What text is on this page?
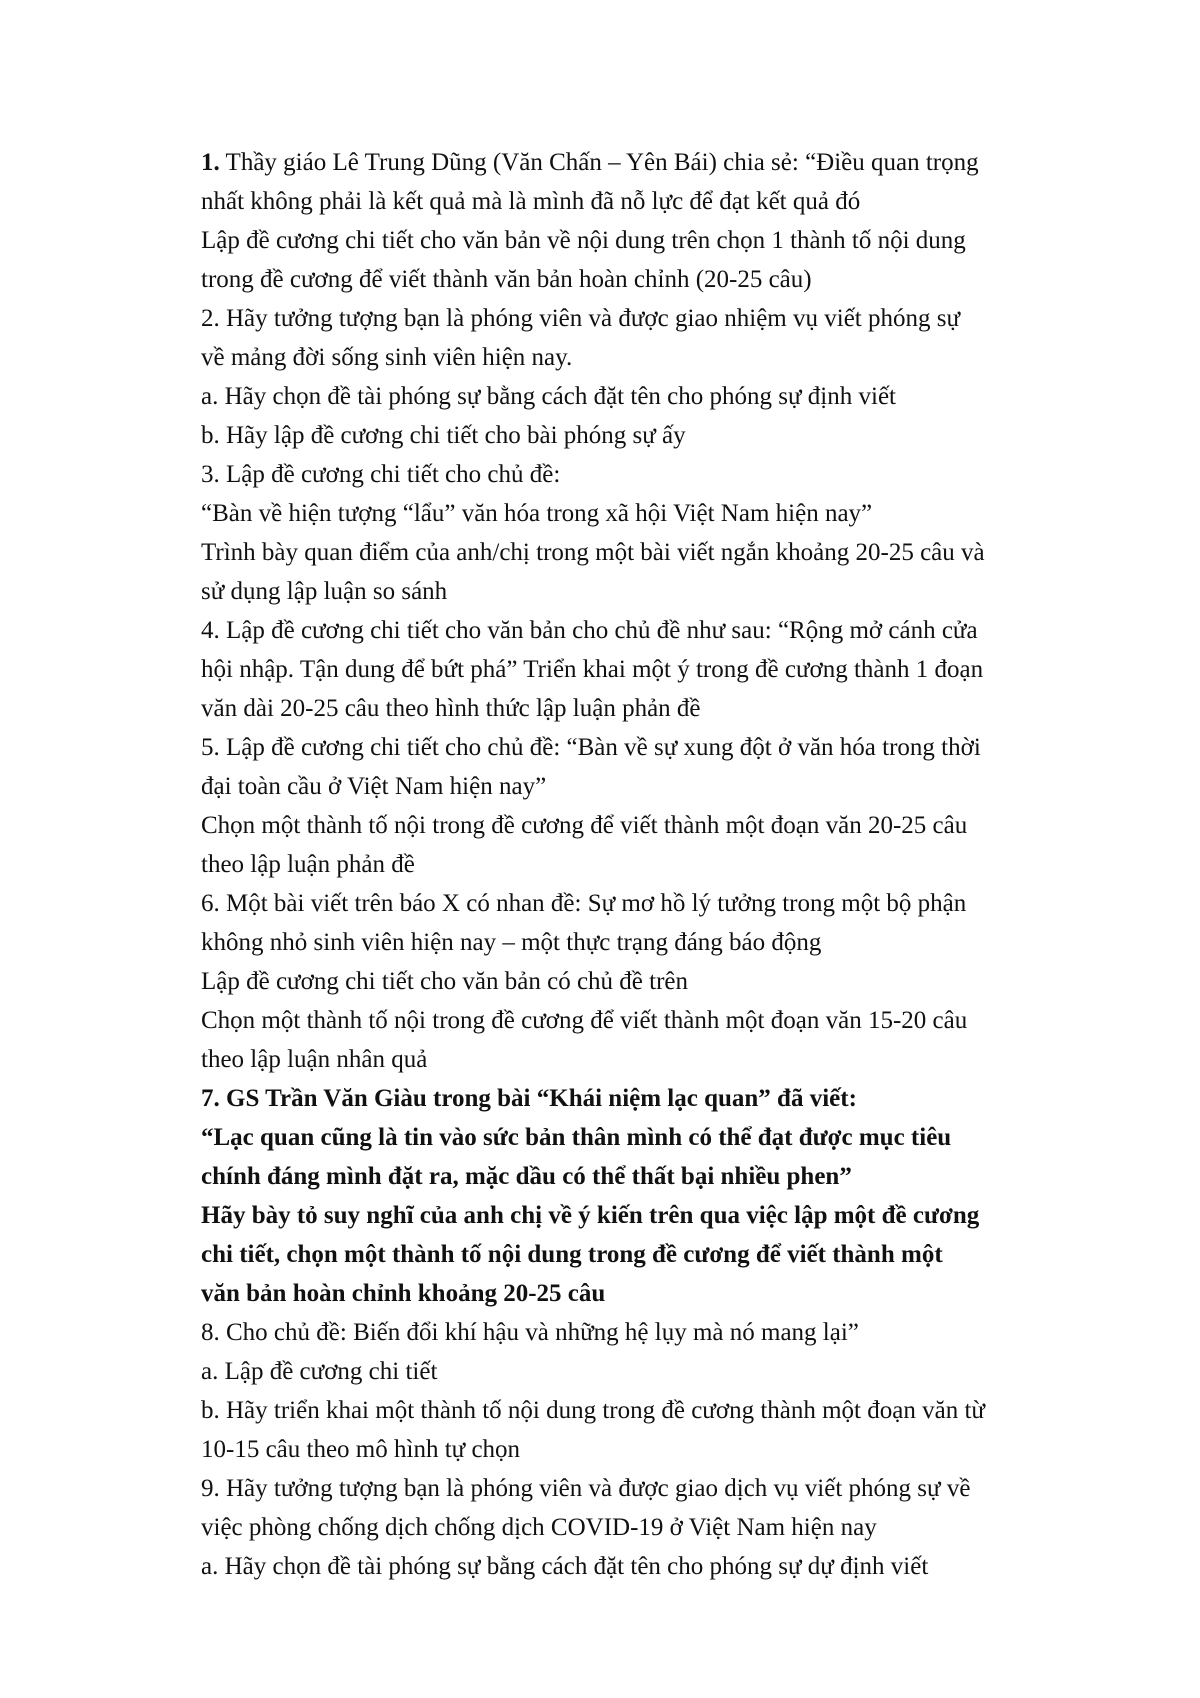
1. Thầy giáo Lê Trung Dũng (Văn Chấn – Yên Bái) chia sẻ: “Điều quan trọng
nhất không phải là kết quả mà là mình đã nỗ lực để đạt kết quả đó
Lập đề cương chi tiết cho văn bản về nội dung trên chọn 1 thành tố nội dung
trong đề cương để viết thành văn bản hoàn chỉnh (20-25 câu)
2. Hãy tưởng tượng bạn là phóng viên và được giao nhiệm vụ viết phóng sự
về mảng đời sống sinh viên hiện nay.
a. Hãy chọn đề tài phóng sự bằng cách đặt tên cho phóng sự định viết
b. Hãy lập đề cương chi tiết cho bài phóng sự ấy
3. Lập đề cương chi tiết cho chủ đề:
“Bàn về hiện tượng “lẩu” văn hóa trong xã hội Việt Nam hiện nay”
Trình bày quan điểm của anh/chị trong một bài viết ngắn khoảng 20-25 câu và
sử dụng lập luận so sánh
4. Lập đề cương chi tiết cho văn bản cho chủ đề như sau: “Rộng mở cánh cửa
hội nhập. Tận dung để bứt phá” Triển khai một ý trong đề cương thành 1 đoạn
văn dài 20-25 câu theo hình thức lập luận phản đề
5. Lập đề cương chi tiết cho chủ đề: “Bàn về sự xung đột ở văn hóa trong thời
đại toàn cầu ở Việt Nam hiện nay”
Chọn một thành tố nội trong đề cương để viết thành một đoạn văn 20-25 câu
theo lập luận phản đề
6. Một bài viết trên báo X có nhan đề: Sự mơ hồ lý tưởng trong một bộ phận
không nhỏ sinh viên hiện nay – một thực trạng đáng báo động
Lập đề cương chi tiết cho văn bản có chủ đề trên
Chọn một thành tố nội trong đề cương để viết thành một đoạn văn 15-20 câu
theo lập luận nhân quả
7. GS Trần Văn Giàu trong bài “Khái niệm lạc quan” đã viết:
“Lạc quan cũng là tin vào sức bản thân mình có thể đạt được mục tiêu
chính đáng mình đặt ra, mặc dầu có thể thất bại nhiều phen”
Hãy bày tỏ suy nghĩ của anh chị về ý kiến trên qua việc lập một đề cương
chi tiết, chọn một thành tố nội dung trong đề cương để viết thành một
văn bản hoàn chỉnh khoảng 20-25 câu
8. Cho chủ đề: Biến đổi khí hậu và những hệ lụy mà nó mang lại”
a. Lập đề cương chi tiết
b. Hãy triển khai một thành tố nội dung trong đề cương thành một đoạn văn từ
10-15 câu theo mô hình tự chọn
9. Hãy tưởng tượng bạn là phóng viên và được giao dịch vụ viết phóng sự về
việc phòng chống dịch chống dịch COVID-19 ở Việt Nam hiện nay
a. Hãy chọn đề tài phóng sự bằng cách đặt tên cho phóng sự dự định viết
